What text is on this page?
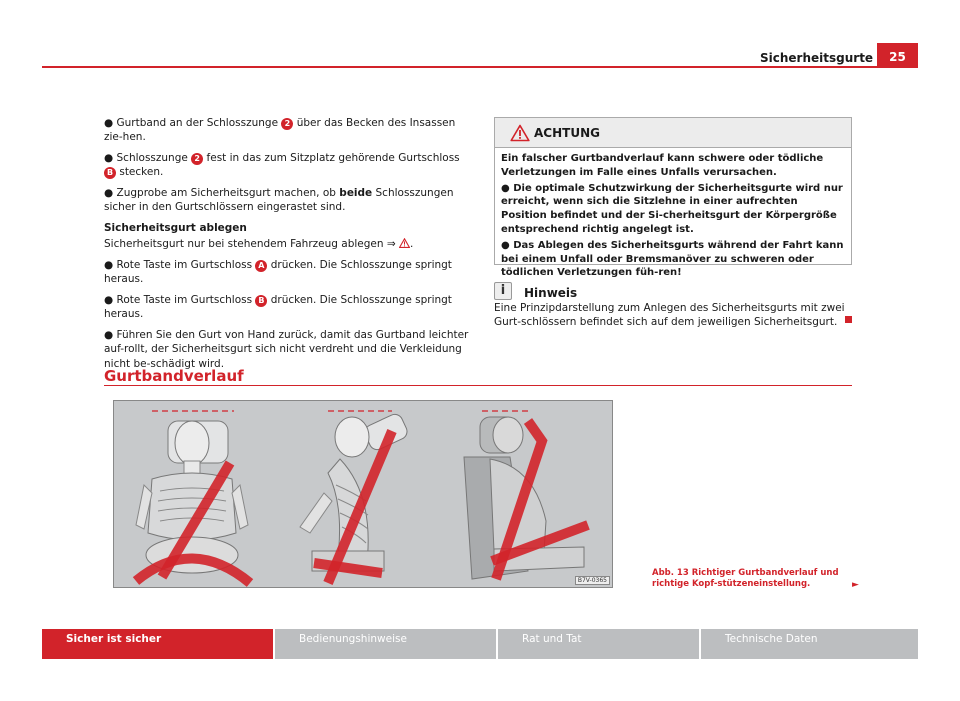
Sicherheitsgurte	25

● Gurtband an der Schlosszunge 2 über das Becken des Insassen zie-hen.

● Schlosszunge 2 fest in das zum Sitzplatz gehörende Gurtschloss B stecken.

● Zugprobe am Sicherheitsgurt machen, ob beide Schlosszungen sicher in den Gurtschlössern eingerastet sind.

Sicherheitsgurt ablegen

Sicherheitsgurt nur bei stehendem Fahrzeug ablegen ⇒ .

● Rote Taste im Gurtschloss A drücken. Die Schlosszunge springt heraus.

● Rote Taste im Gurtschloss B drücken. Die Schlosszunge springt heraus.

● Führen Sie den Gurt von Hand zurück, damit das Gurtband leichter auf-rollt, der Sicherheitsgurt sich nicht verdreht und die Verkleidung nicht be-schädigt wird.

ACHTUNG

Ein falscher Gurtbandverlauf kann schwere oder tödliche Verletzungen im Falle eines Unfalls verursachen.

● Die optimale Schutzwirkung der Sicherheitsgurte wird nur erreicht, wenn sich die Sitzlehne in einer aufrechten Position befindet und der Si-cherheitsgurt der Körpergröße entsprechend richtig angelegt ist.

● Das Ablegen des Sicherheitsgurts während der Fahrt kann bei einem Unfall oder Bremsmanöver zu schweren oder tödlichen Verletzungen füh-ren!

i	Hinweis
Eine Prinzipdarstellung zum Anlegen des Sicherheitsgurts mit zwei Gurt-schlössern befindet sich auf dem jeweiligen Sicherheitsgurt.
Gurtbandverlauf
B7V-0365
Abb. 13 Richtiger Gurtbandverlauf und richtige Kopf-stützeneinstellung.	►
Sicher ist sicher	Bedienungshinweise	Rat und Tat	Technische Daten
